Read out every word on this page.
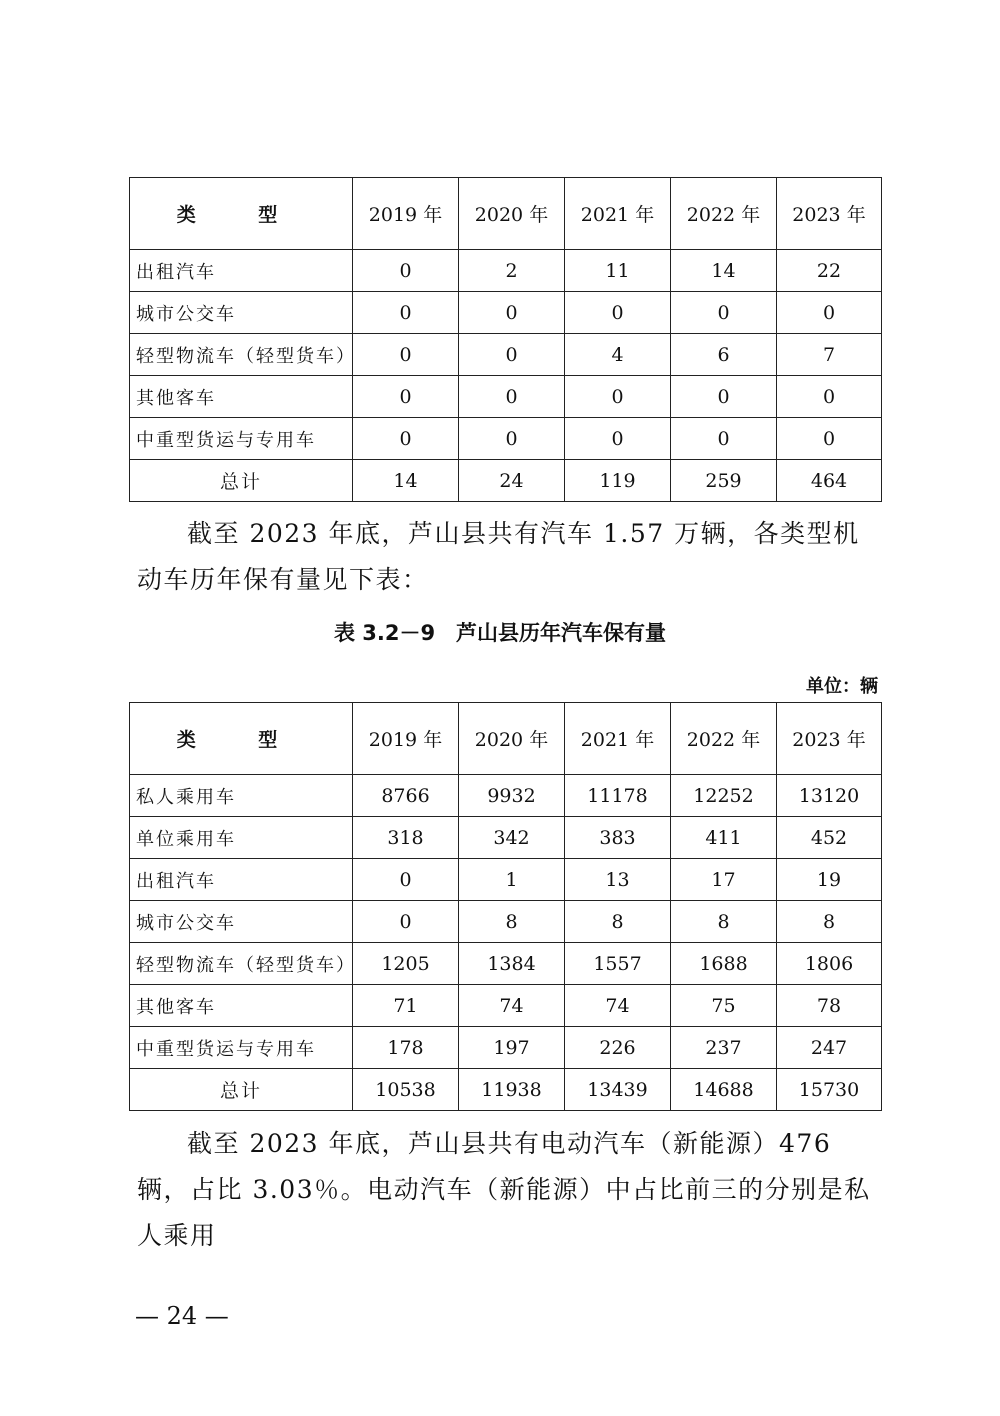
类 型	2019 年	2020 年	2021 年	2022 年	2023 年
出租汽车	0	2	11	14	22
城市公交车	0	0	0	0	0
轻型物流车（轻型货车）	0	0	4	6	7
其他客车	0	0	0	0	0
中重型货运与专用车	0	0	0	0	0
总计	14	24	119	259	464

截至 2023 年底，芦山县共有汽车 1.57 万辆，各类型机动车历年保有量见下表：

表 3.2－9　芦山县历年汽车保有量

单位：辆

类 型	2019 年	2020 年	2021 年	2022 年	2023 年
私人乘用车	8766	9932	11178	12252	13120
单位乘用车	318	342	383	411	452
出租汽车	0	1	13	17	19
城市公交车	0	8	8	8	8
轻型物流车（轻型货车）	1205	1384	1557	1688	1806
其他客车	71	74	74	75	78
中重型货运与专用车	178	197	226	237	247
总计	10538	11938	13439	14688	15730

截至 2023 年底，芦山县共有电动汽车（新能源）476 辆，占比 3.03％。电动汽车（新能源）中占比前三的分别是私人乘用

— 24 —
